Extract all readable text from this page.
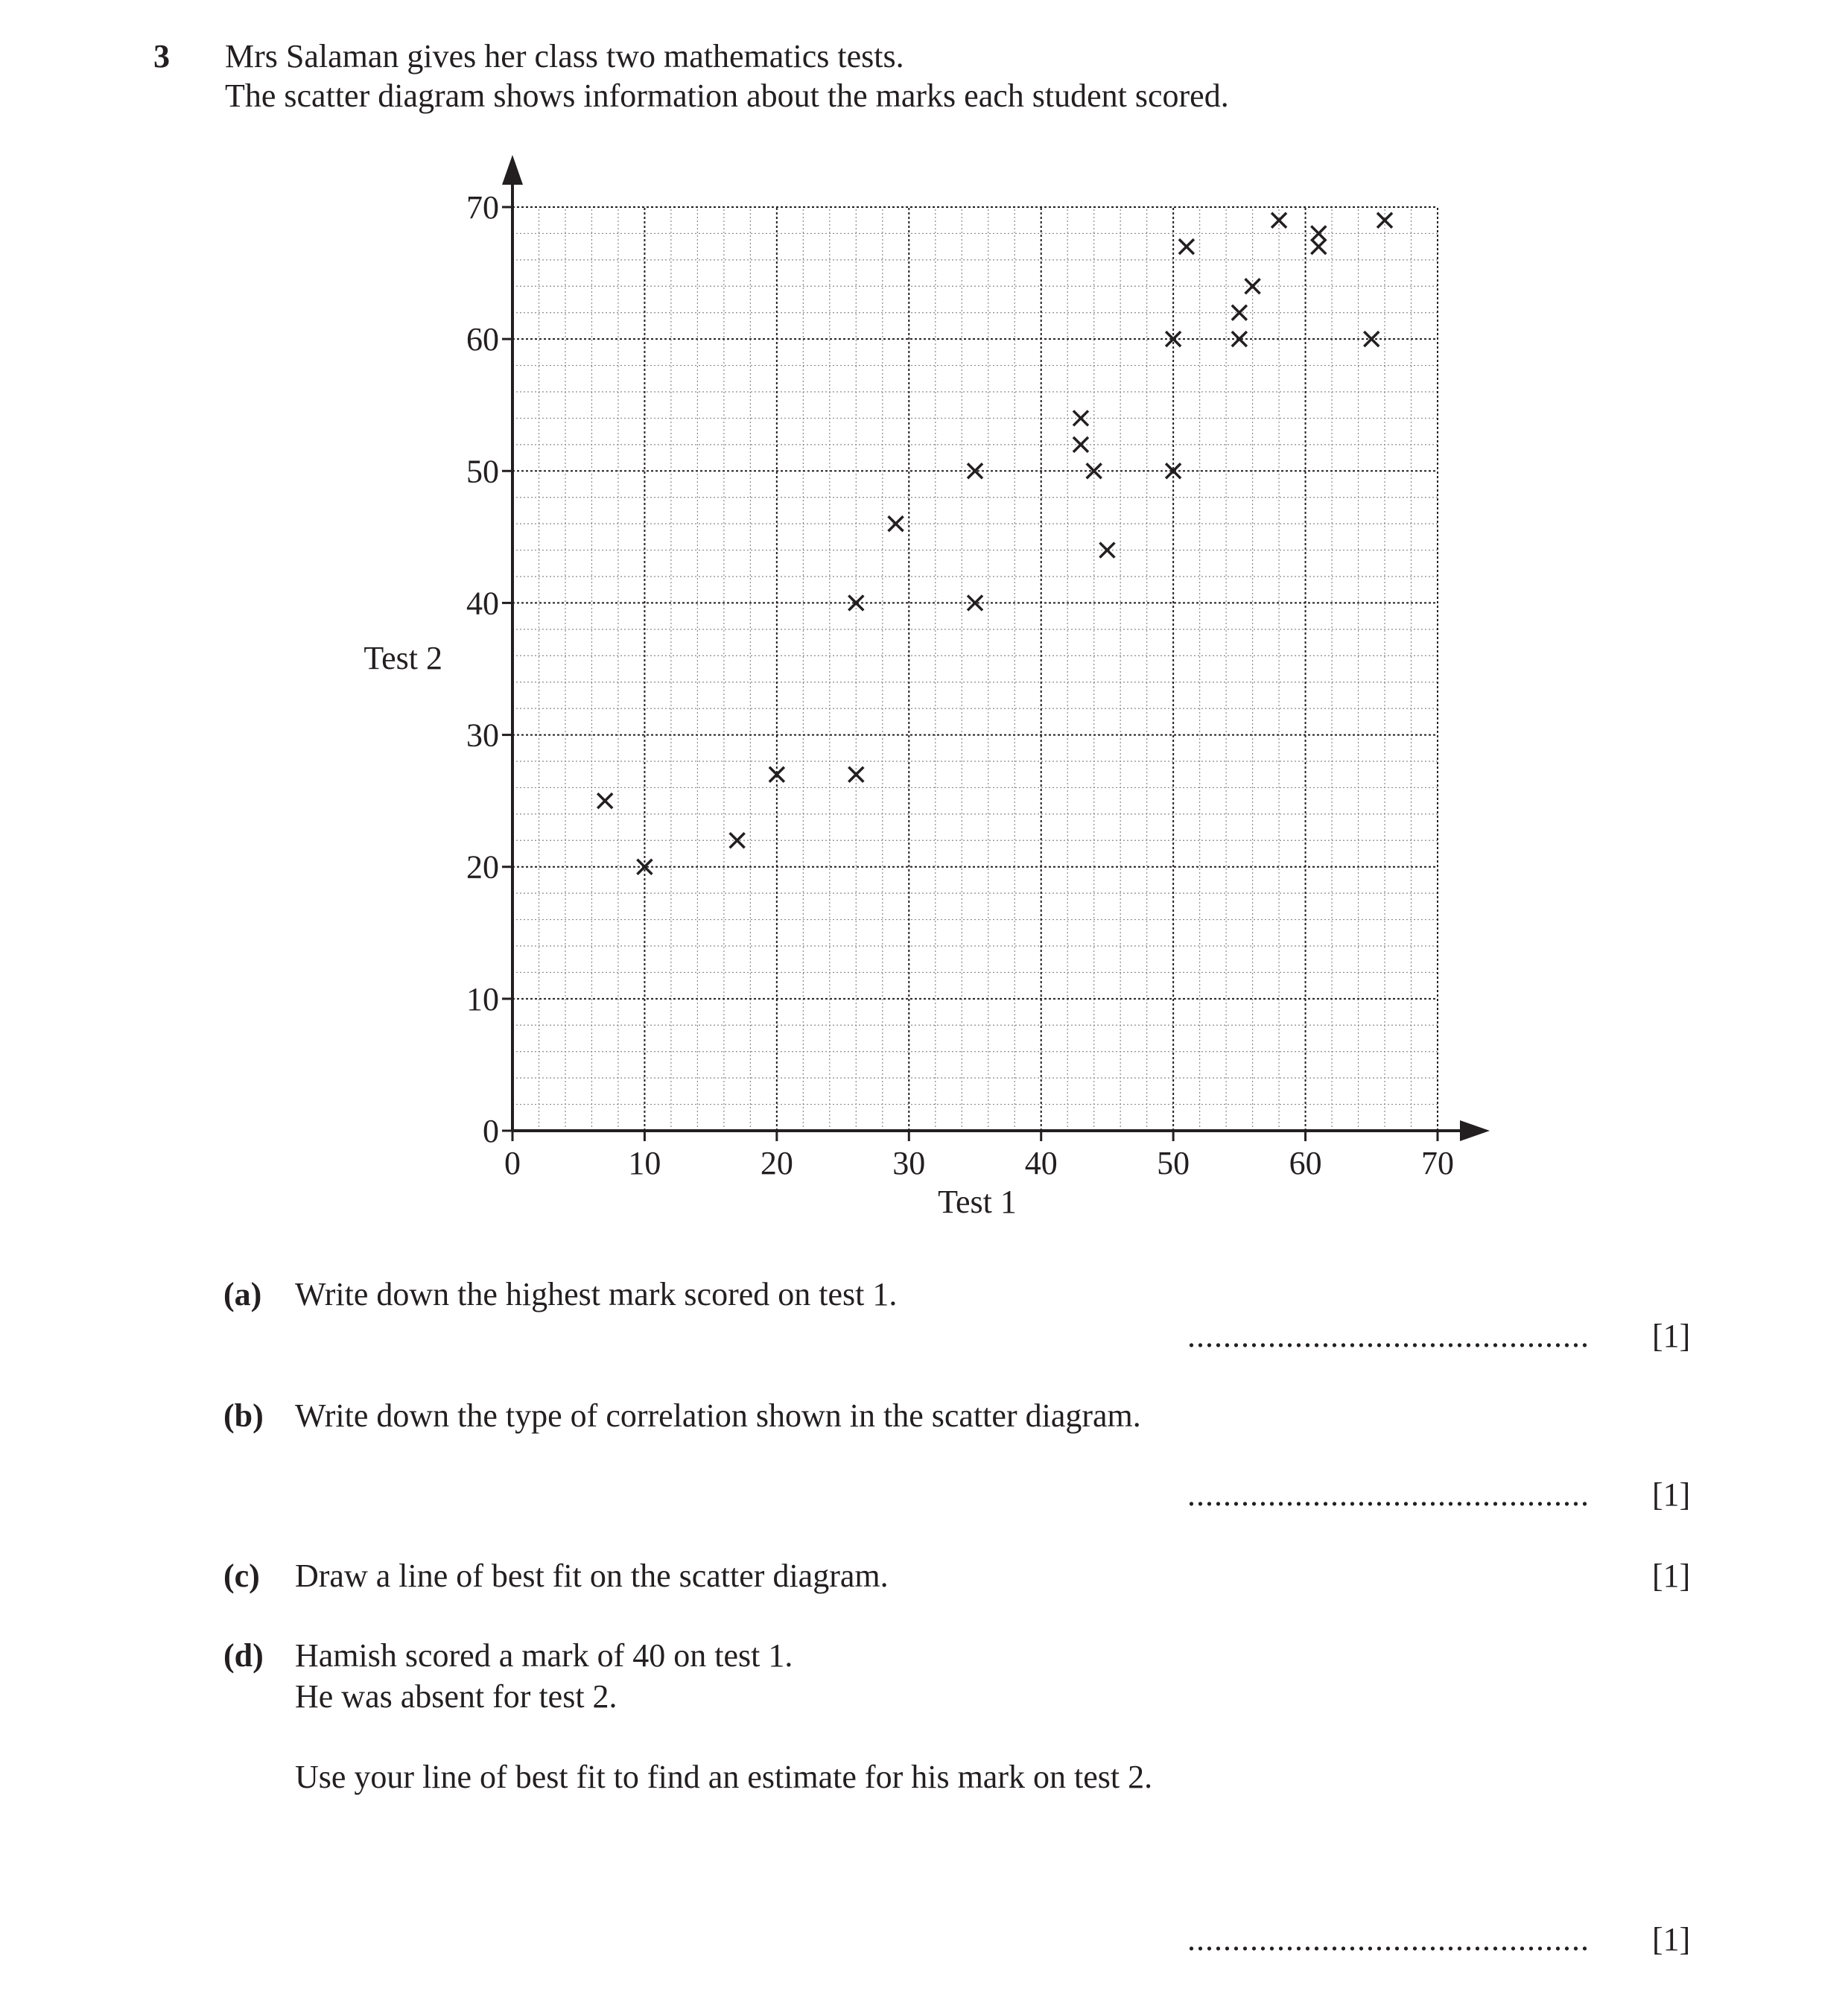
3 Mrs Salaman gives her class two mathematics tests.
The scatter diagram shows information about the marks each student scored.
0	10	20	30	40	50	60	70
0
10
20
30
40
50
60
70
Test 1
Test 2
(a) Write down the highest mark scored on test 1.
............................................. [1]
(b) Write down the type of correlation shown in the scatter diagram.
............................................. [1]
(c) Draw a line of best fit on the scatter diagram.	[1]
(d) Hamish scored a mark of 40 on test 1.
He was absent for test 2.
Use your line of best fit to find an estimate for his mark on test 2.
............................................. [1]
